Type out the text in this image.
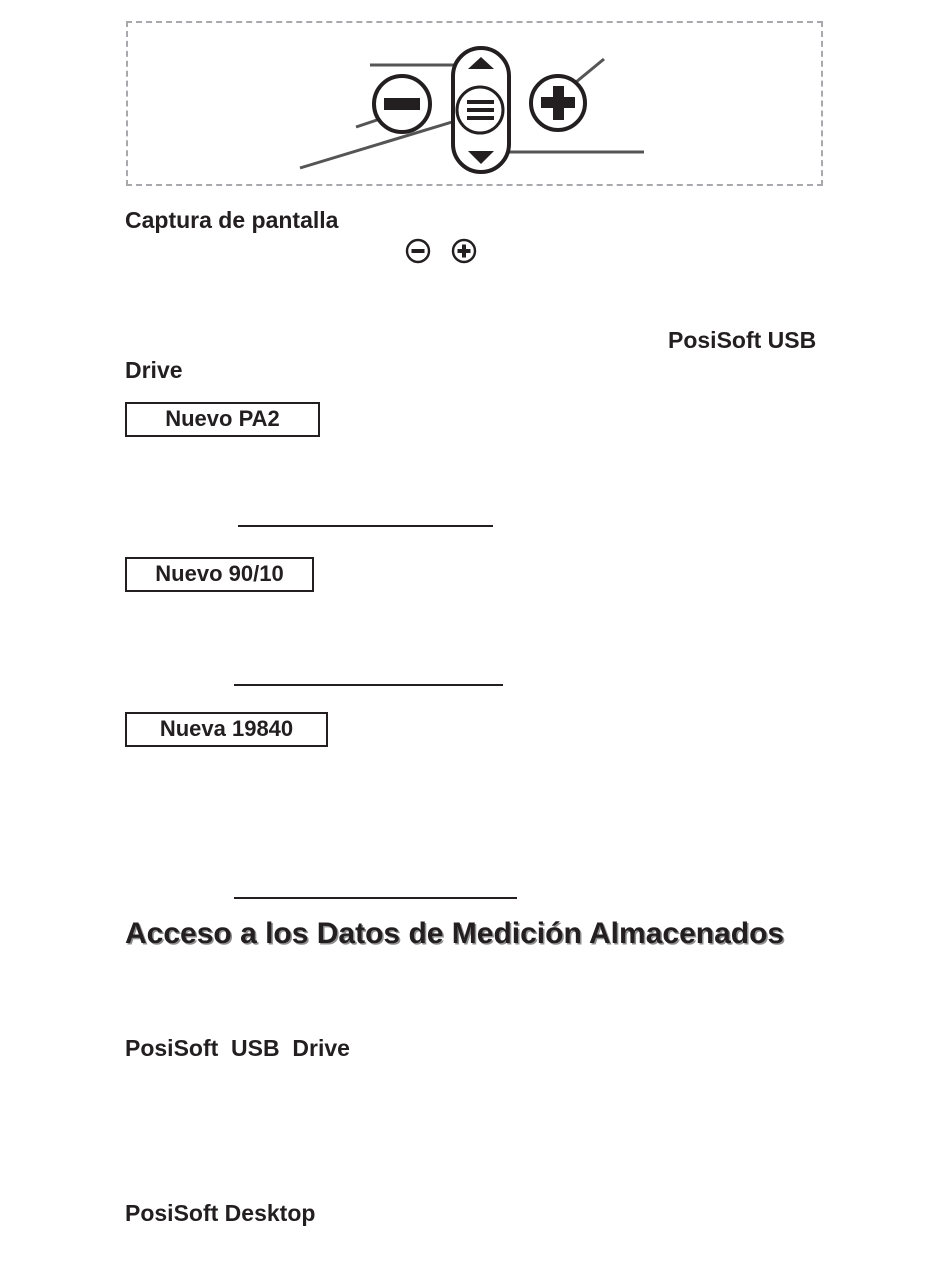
Captura de pantalla
PosiSoft USB
Drive
Nuevo PA2
Nuevo 90/10
Nueva 19840
Acceso a los Datos de Medición Almacenados
PosiSoft  USB  Drive
PosiSoft Desktop
